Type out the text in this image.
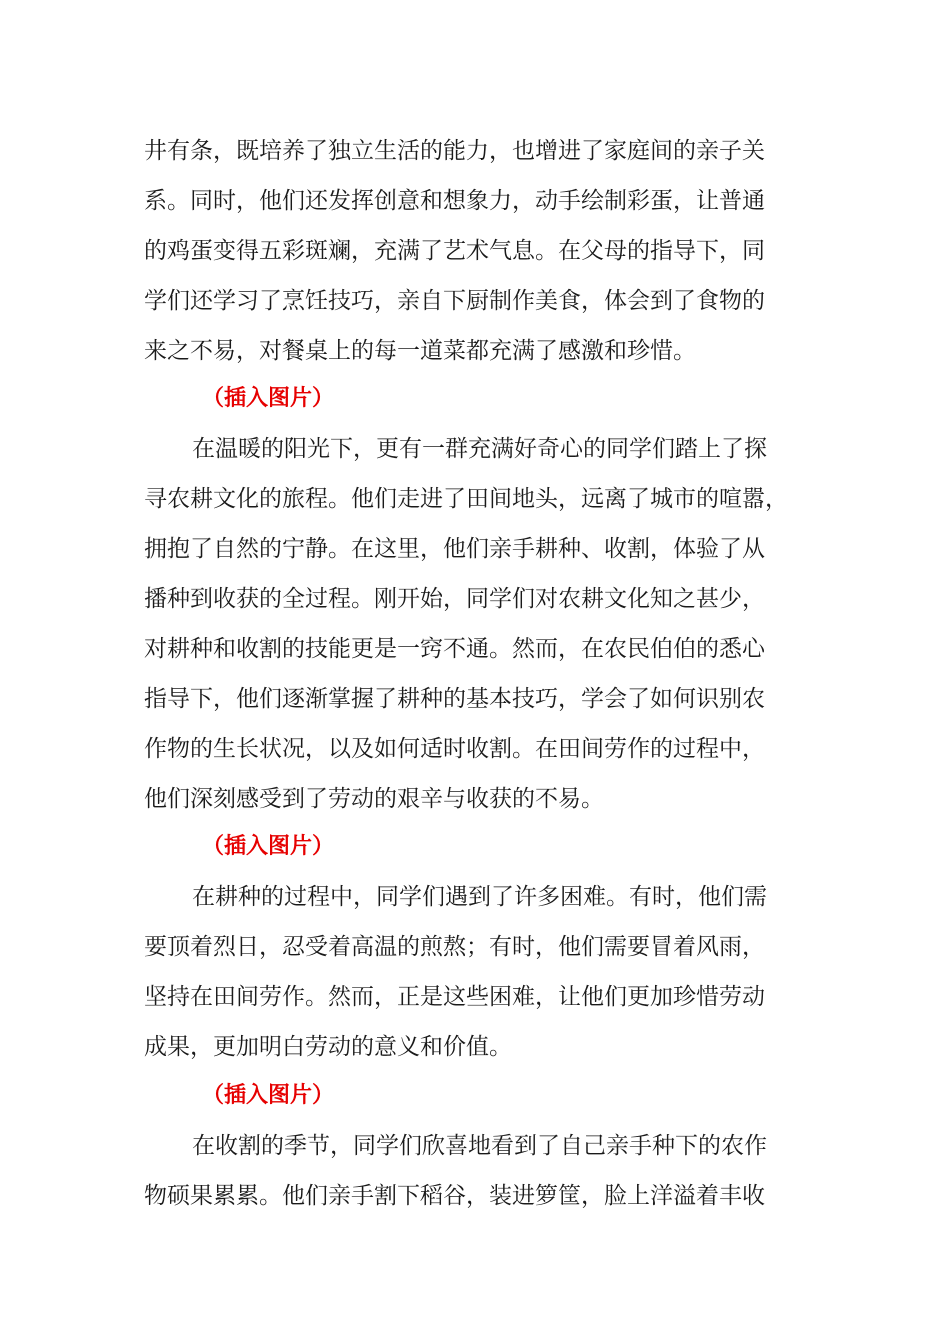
井有条，既培养了独立生活的能力，也增进了家庭间的亲子关
系。同时，他们还发挥创意和想象力，动手绘制彩蛋，让普通
的鸡蛋变得五彩斑斓，充满了艺术气息。在父母的指导下，同
学们还学习了烹饪技巧，亲自下厨制作美食，体会到了食物的
来之不易，对餐桌上的每一道菜都充满了感激和珍惜。
（插入图片）
在温暖的阳光下，更有一群充满好奇心的同学们踏上了探
寻农耕文化的旅程。他们走进了田间地头，远离了城市的喧嚣，
拥抱了自然的宁静。在这里，他们亲手耕种、收割，体验了从
播种到收获的全过程。刚开始，同学们对农耕文化知之甚少，
对耕种和收割的技能更是一窍不通。然而，在农民伯伯的悉心
指导下，他们逐渐掌握了耕种的基本技巧，学会了如何识别农
作物的生长状况，以及如何适时收割。在田间劳作的过程中，
他们深刻感受到了劳动的艰辛与收获的不易。
（插入图片）
在耕种的过程中，同学们遇到了许多困难。有时，他们需
要顶着烈日，忍受着高温的煎熬；有时，他们需要冒着风雨，
坚持在田间劳作。然而，正是这些困难，让他们更加珍惜劳动
成果，更加明白劳动的意义和价值。
（插入图片）
在收割的季节，同学们欣喜地看到了自己亲手种下的农作
物硕果累累。他们亲手割下稻谷，装进箩筐，脸上洋溢着丰收
